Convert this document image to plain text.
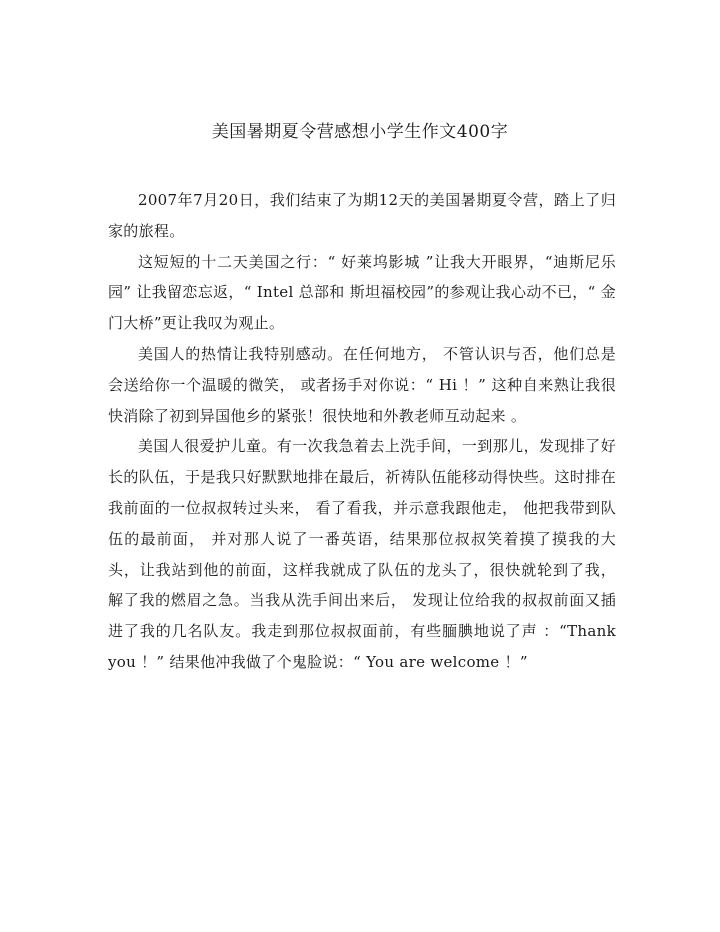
美国暑期夏令营感想小学生作文400字

2007年7月20日，我们结束了为期12天的美国暑期夏令营，踏上了归家的旅程。

这短短的十二天美国之行：“ 好莱坞影城 ”让我大开眼界，“迪斯尼乐园” 让我留恋忘返，“ Intel 总部和 斯坦福校园”的参观让我心动不已，“ 金门大桥”更让我叹为观止。

美国人的热情让我特别感动。在任何地方， 不管认识与否，他们总是会送给你一个温暖的微笑， 或者扬手对你说：“ Hi ！” 这种自来熟让我很快消除了初到异国他乡的紧张！很快地和外教老师互动起来 。

美国人很爱护儿童。有一次我急着去上洗手间，一到那儿，发现排了好长的队伍，于是我只好默默地排在最后，祈祷队伍能移动得快些。这时排在我前面的一位叔叔转过头来， 看了看我，并示意我跟他走， 他把我带到队伍的最前面， 并对那人说了一番英语，结果那位叔叔笑着摸了摸我的大头，让我站到他的前面，这样我就成了队伍的龙头了，很快就轮到了我， 解了我的燃眉之急。当我从洗手间出来后， 发现让位给我的叔叔前面又插进了我的几名队友。我走到那位叔叔面前，有些腼腆地说了声 ：“Thank you ！” 结果他冲我做了个鬼脸说：“ You are welcome ！”
